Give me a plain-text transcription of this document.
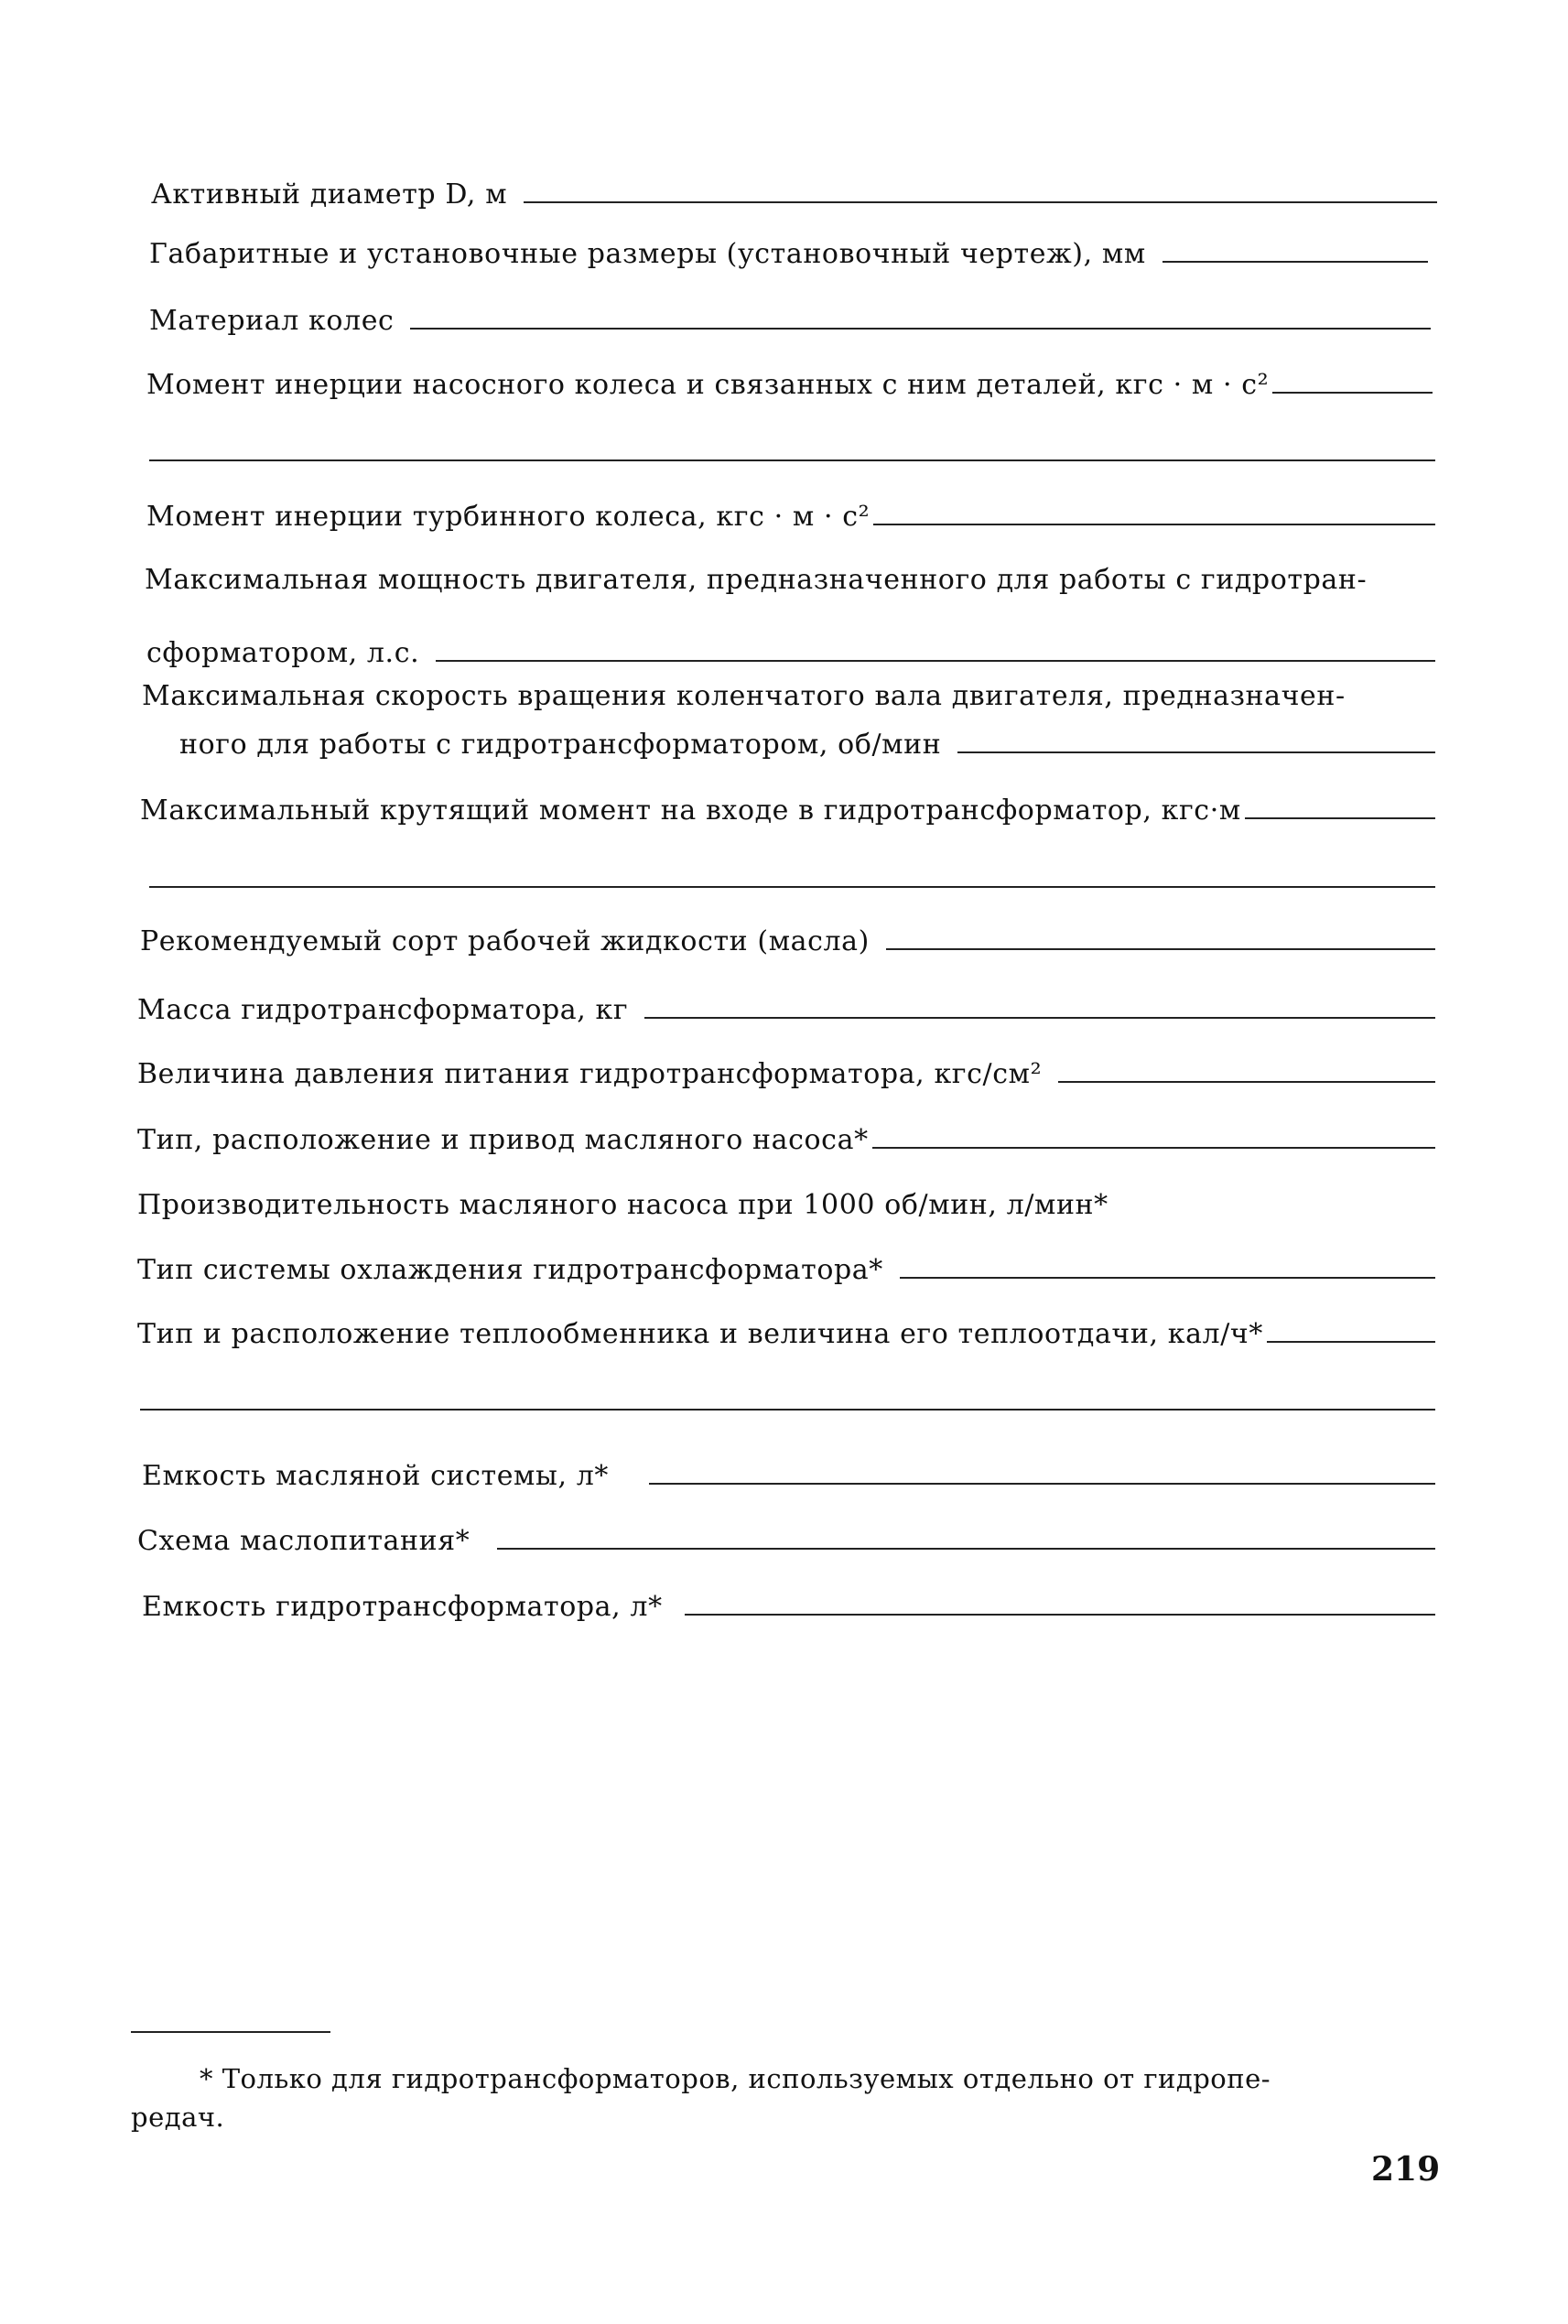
Активный диаметр D, м
Габаритные и установочные размеры (установочный чертеж), мм
Материал колес
Момент инерции насосного колеса и связанных с ним деталей, кгс · м · с²
Момент инерции турбинного колеса, кгс · м · с²
Максимальная мощность двигателя, предназначенного для работы с гидротран-
сформатором, л.с.
Максимальная скорость вращения коленчатого вала двигателя, предназначен-
ного для работы с гидротрансформатором, об/мин
Максимальный крутящий момент на входе в гидротрансформатор, кгс·м
Рекомендуемый сорт рабочей жидкости (масла)
Масса гидротрансформатора, кг
Величина давления питания гидротрансформатора, кгс/см²
Тип, расположение и привод масляного насоса*
Производительность масляного насоса при 1000 об/мин, л/мин*
Тип системы охлаждения гидротрансформатора*
Тип и расположение теплообменника и величина его теплоотдачи, кал/ч*
Емкость масляной системы, л*
Схема маслопитания*
Емкость гидротрансформатора, л*
* Только для гидротрансформаторов, используемых отдельно от гидропе-
редач.
219
